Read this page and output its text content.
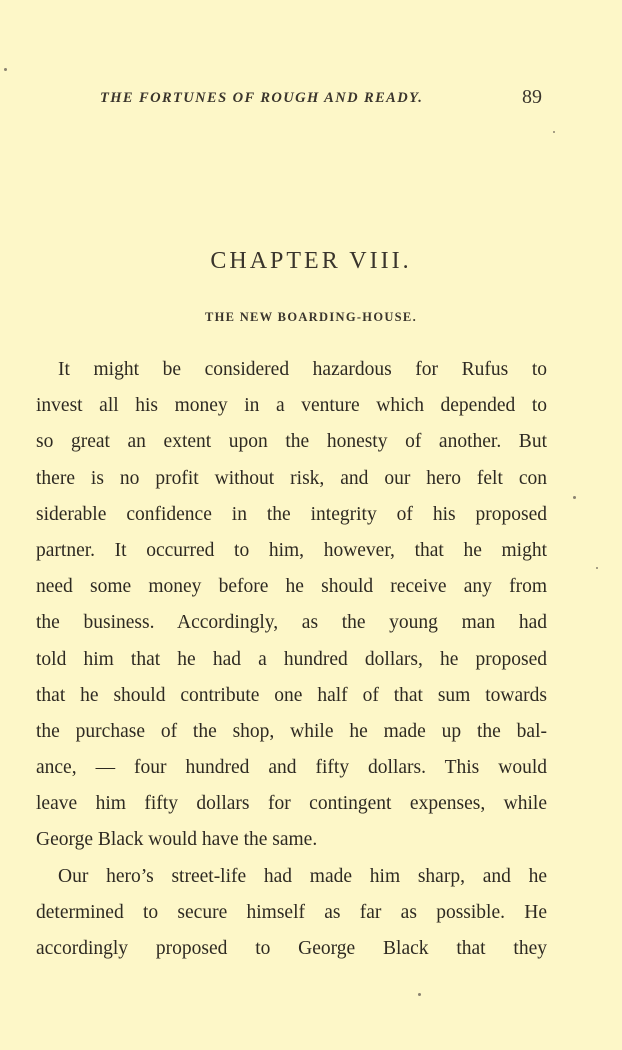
THE FORTUNES OF ROUGH AND READY.	89
CHAPTER VIII.
THE NEW BOARDING-HOUSE.
It might be considered hazardous for Rufus to
invest all his money in a venture which depended to
so great an extent upon the honesty of another. But
there is no profit without risk, and our hero felt con
siderable confidence in the integrity of his proposed
partner. It occurred to him, however, that he might
need some money before he should receive any from
the business. Accordingly, as the young man had
told him that he had a hundred dollars, he proposed
that he should contribute one half of that sum towards
the purchase of the shop, while he made up the bal-
ance, — four hundred and fifty dollars. This would
leave him fifty dollars for contingent expenses, while
George Black would have the same.
Our hero’s street-life had made him sharp, and he
determined to secure himself as far as possible. He
accordingly proposed to George Black that they
